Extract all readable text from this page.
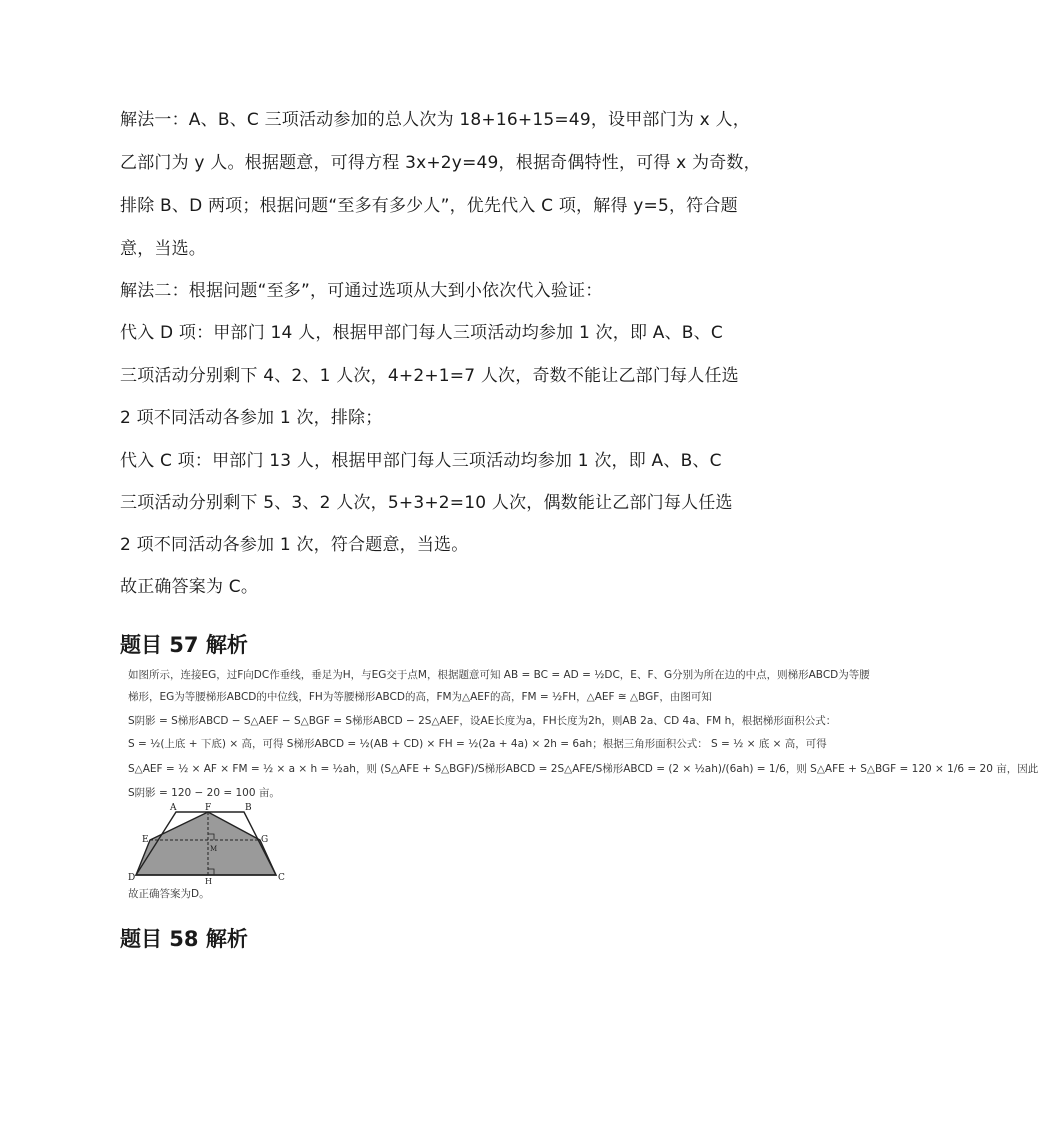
解法一：A、B、C 三项活动参加的总人次为 18+16+15=49，设甲部门为 x 人，
乙部门为 y 人。根据题意，可得方程 3x+2y=49，根据奇偶特性，可得 x 为奇数，
排除 B、D 两项；根据问题“至多有多少人”，优先代入 C 项，解得 y=5，符合题
意，当选。
解法二：根据问题“至多”，可通过选项从大到小依次代入验证：
代入 D 项：甲部门 14 人，根据甲部门每人三项活动均参加 1 次，即 A、B、C
三项活动分别剩下 4、2、1 人次，4+2+1=7 人次，奇数不能让乙部门每人任选
2 项不同活动各参加 1 次，排除；
代入 C 项：甲部门 13 人，根据甲部门每人三项活动均参加 1 次，即 A、B、C
三项活动分别剩下 5、3、2 人次，5+3+2=10 人次，偶数能让乙部门每人任选
2 项不同活动各参加 1 次，符合题意，当选。
故正确答案为 C。
题目 57 解析
如图所示，连接EG，过F向DC作垂线，垂足为H，与EG交于点M，根据题意可知 AB = BC = AD = ½DC，E、F、G分别为所在边的中点，则梯形ABCD为等腰
梯形，EG为等腰梯形ABCD的中位线，FH为等腰梯形ABCD的高，FM为△AEF的高，FM = ½FH，△AEF ≅ △BGF，由图可知
S阴影 = S梯形ABCD − S△AEF − S△BGF = S梯形ABCD − 2S△AEF，设AE长度为a，FH长度为2h，则AB 2a、CD 4a、FM h，根据梯形面积公式：
S = ½(上底 + 下底) × 高，可得 S梯形ABCD = ½(AB + CD) × FH = ½(2a + 4a) × 2h = 6ah；根据三角形面积公式： S = ½ × 底 × 高，可得
S△AEF = ½ × AF × FM = ½ × a × h = ½ah，则 (S△AFE + S△BGF)/S梯形ABCD = 2S△AFE/S梯形ABCD = (2 × ½ah)/(6ah) = 1/6，则 S△AFE + S△BGF = 120 × 1/6 = 20 亩，因此
S阴影 = 120 − 20 = 100 亩。
A	F	B
E	G
M
D	H	C
故正确答案为D。
题目 58 解析
